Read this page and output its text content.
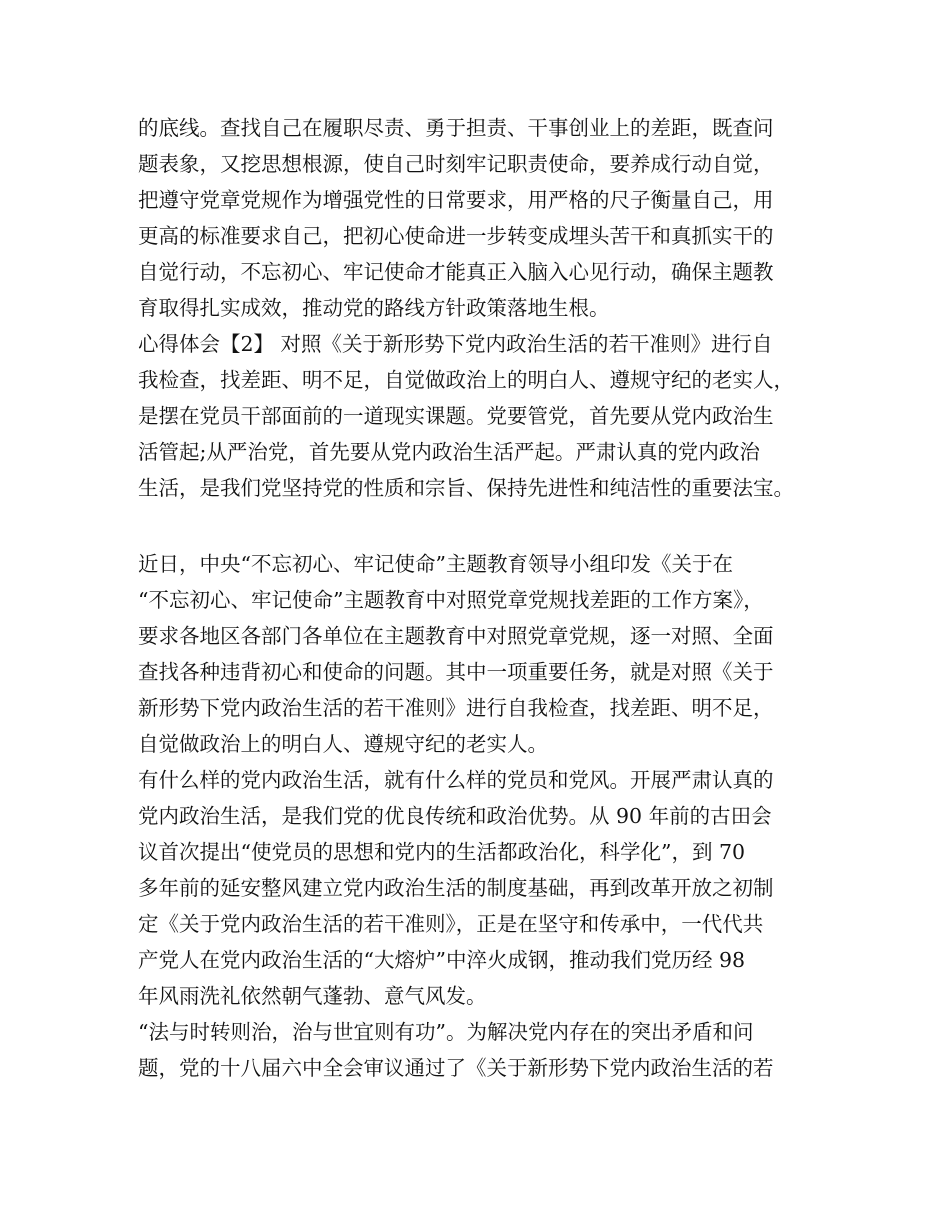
的底线。查找自己在履职尽责、勇于担责、干事创业上的差距，既查问
题表象，又挖思想根源，使自己时刻牢记职责使命，要养成行动自觉，
把遵守党章党规作为增强党性的日常要求，用严格的尺子衡量自己，用
更高的标准要求自己，把初心使命进一步转变成埋头苦干和真抓实干的
自觉行动，不忘初心、牢记使命才能真正入脑入心见行动，确保主题教
育取得扎实成效，推动党的路线方针政策落地生根。
心得体会【2】 对照《关于新形势下党内政治生活的若干准则》进行自
我检查，找差距、明不足，自觉做政治上的明白人、遵规守纪的老实人，
是摆在党员干部面前的一道现实课题。党要管党，首先要从党内政治生
活管起;从严治党，首先要从党内政治生活严起。严肃认真的党内政治
生活，是我们党坚持党的性质和宗旨、保持先进性和纯洁性的重要法宝。
近日，中央“不忘初心、牢记使命”主题教育领导小组印发《关于在
“不忘初心、牢记使命”主题教育中对照党章党规找差距的工作方案》，
要求各地区各部门各单位在主题教育中对照党章党规，逐一对照、全面
查找各种违背初心和使命的问题。其中一项重要任务，就是对照《关于
新形势下党内政治生活的若干准则》进行自我检查，找差距、明不足，
自觉做政治上的明白人、遵规守纪的老实人。
有什么样的党内政治生活，就有什么样的党员和党风。开展严肃认真的
党内政治生活，是我们党的优良传统和政治优势。从 90 年前的古田会
议首次提出“使党员的思想和党内的生活都政治化，科学化”，到 70
多年前的延安整风建立党内政治生活的制度基础，再到改革开放之初制
定《关于党内政治生活的若干准则》，正是在坚守和传承中，一代代共
产党人在党内政治生活的“大熔炉”中淬火成钢，推动我们党历经 98
年风雨洗礼依然朝气蓬勃、意气风发。
“法与时转则治，治与世宜则有功”。为解决党内存在的突出矛盾和问
题，党的十八届六中全会审议通过了《关于新形势下党内政治生活的若
